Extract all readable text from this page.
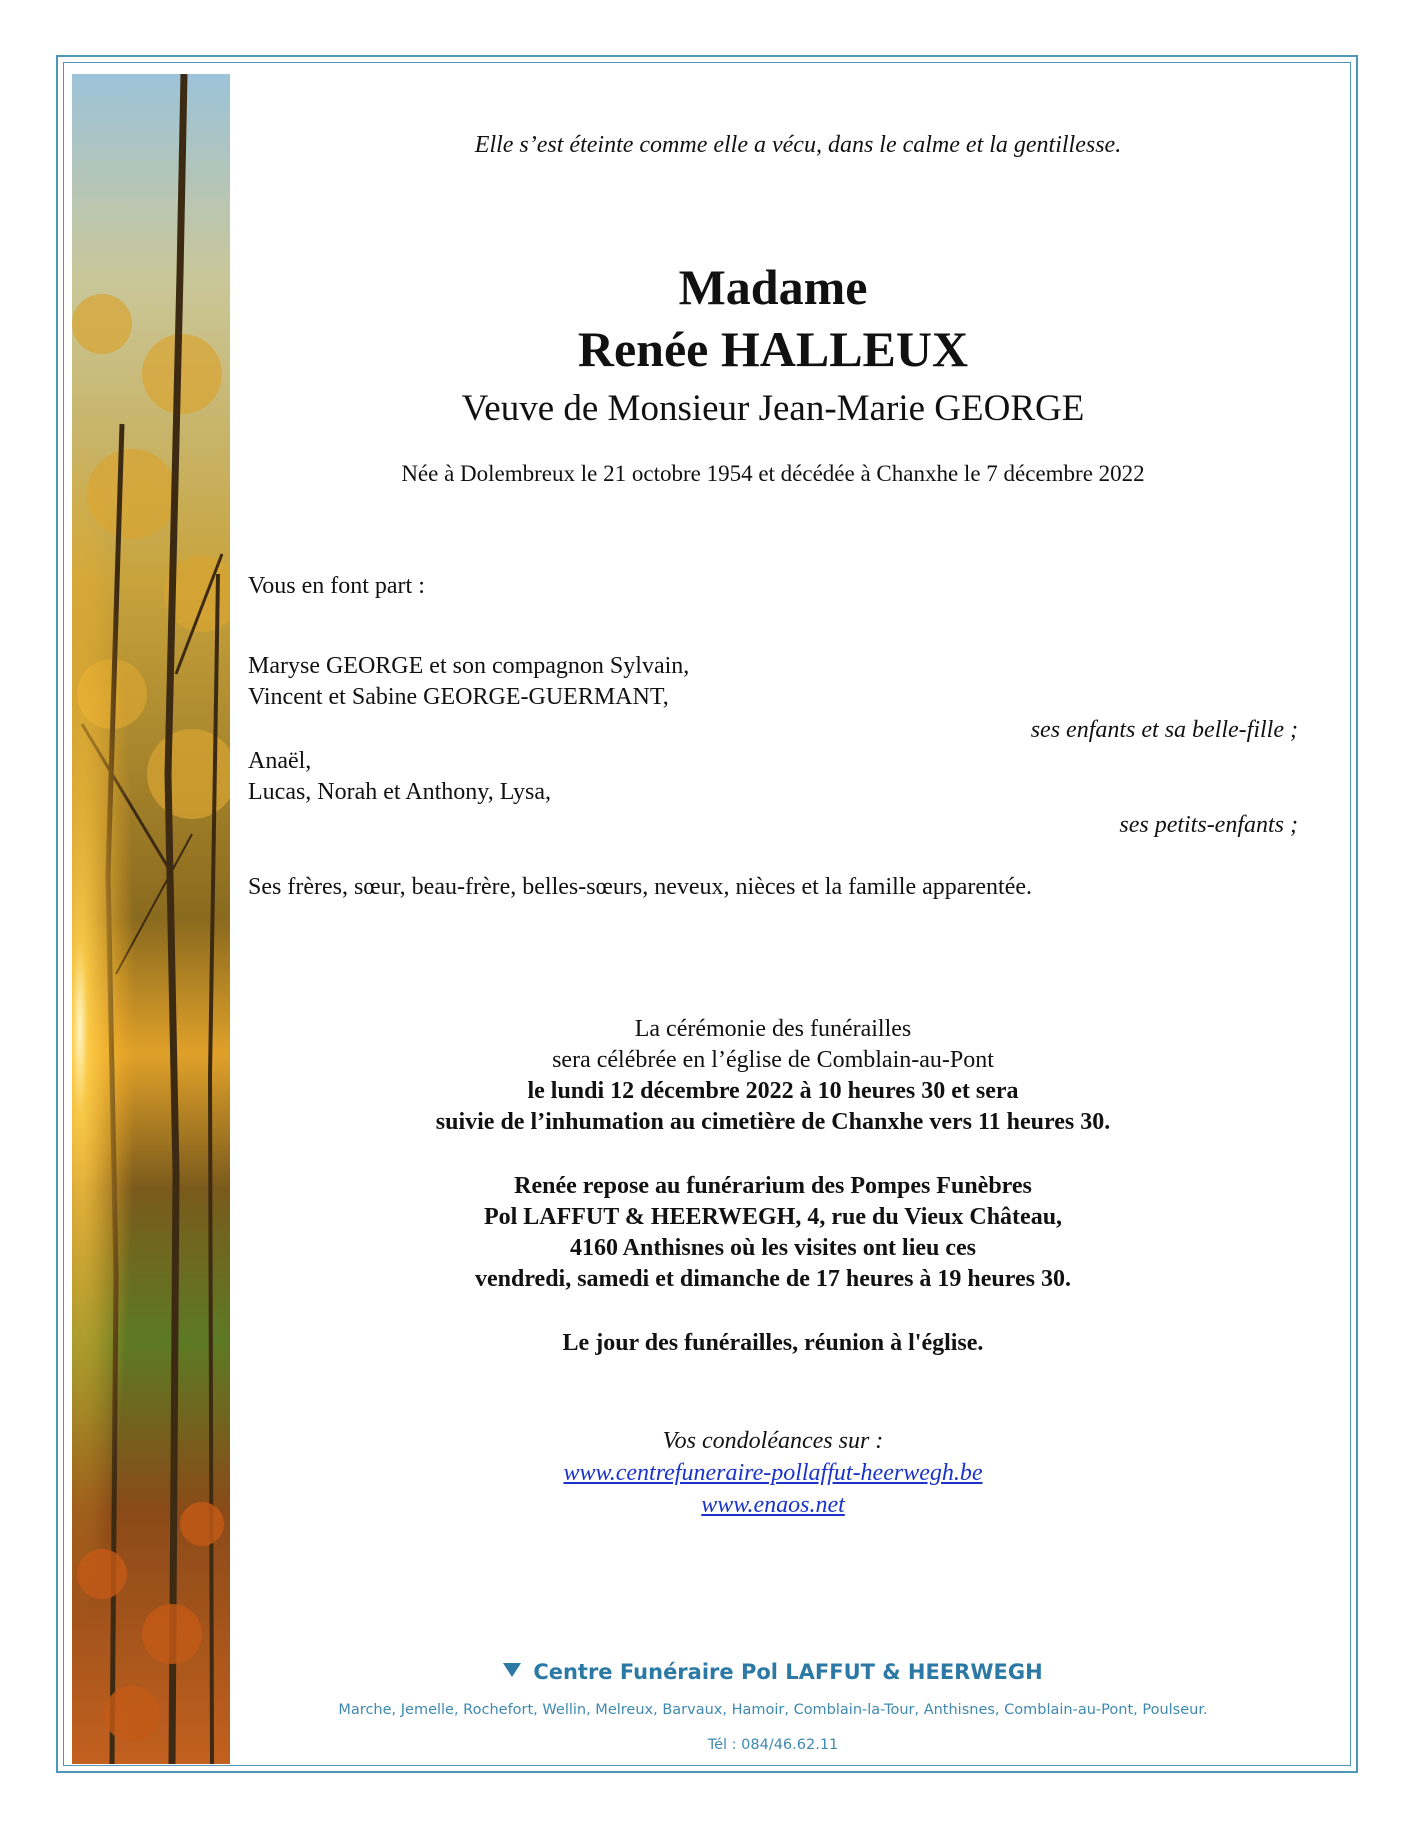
Elle s’est éteinte comme elle a vécu, dans le calme et la gentillesse.
Madame
Renée HALLEUX
Veuve de Monsieur Jean-Marie GEORGE
Née à Dolembreux le 21 octobre 1954 et décédée à Chanxhe le 7 décembre 2022
Vous en font part :
Maryse GEORGE et son compagnon Sylvain,
Vincent et Sabine GEORGE-GUERMANT,
ses enfants et sa belle-fille ;
Anaël,
Lucas, Norah et Anthony, Lysa,
ses petits-enfants ;
Ses frères, sœur, beau-frère, belles-sœurs, neveux, nièces et la famille apparentée.
La cérémonie des funérailles
sera célébrée en l’église de Comblain-au-Pont
le lundi 12 décembre 2022 à 10 heures 30 et sera
suivie de l’inhumation au cimetière de Chanxhe vers 11 heures 30.
Renée repose au funérarium des Pompes Funèbres
Pol LAFFUT & HEERWEGH, 4, rue du Vieux Château,
4160 Anthisnes où les visites ont lieu ces
vendredi, samedi et dimanche de 17 heures à 19 heures 30.
Le jour des funérailles, réunion à l'église.
Vos condoléances sur :
www.centrefuneraire-pollaffut-heerwegh.be
www.enaos.net
Centre Funéraire Pol LAFFUT & HEERWEGH
Marche, Jemelle, Rochefort, Wellin, Melreux, Barvaux, Hamoir, Comblain-la-Tour, Anthisnes, Comblain-au-Pont, Poulseur.
Tél : 084/46.62.11
